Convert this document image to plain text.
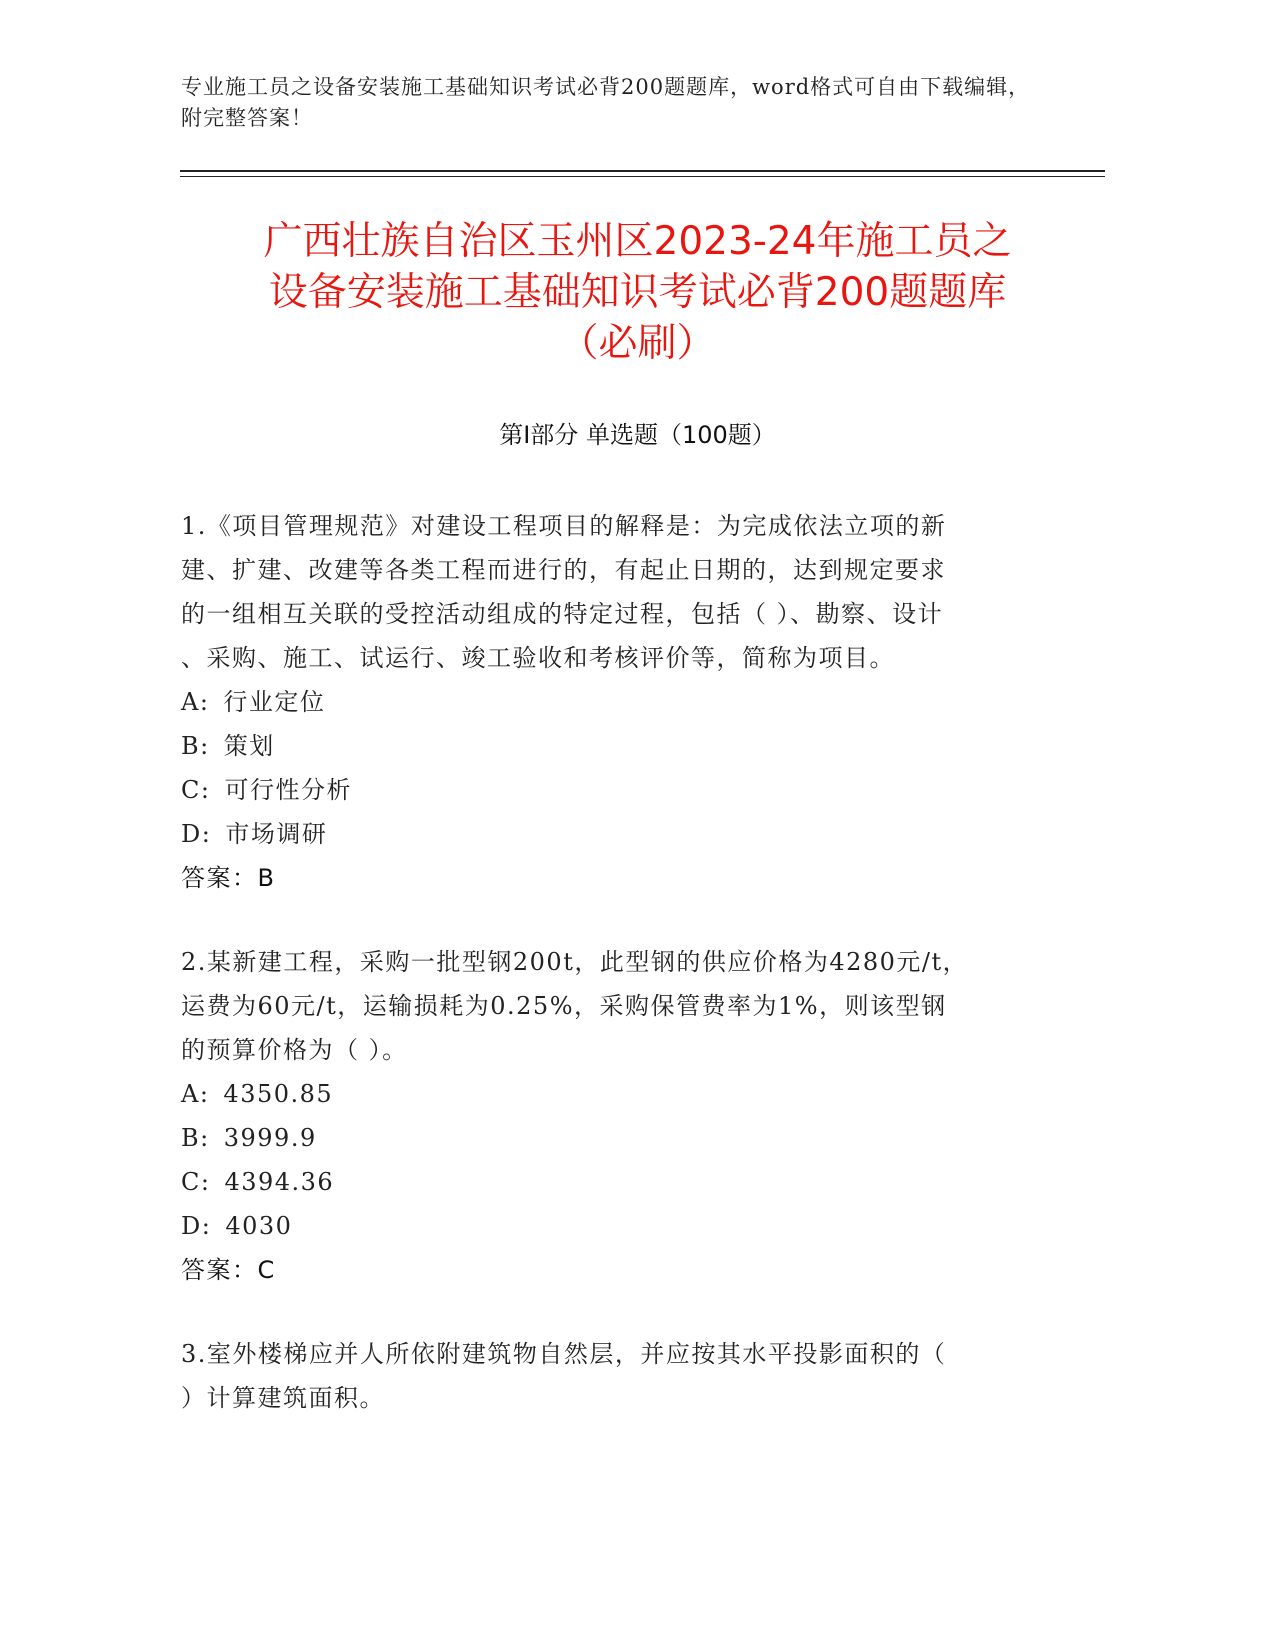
专业施工员之设备安装施工基础知识考试必背200题题库，word格式可自由下载编辑，附完整答案！
广西壮族自治区玉州区2023-24年施工员之
设备安装施工基础知识考试必背200题题库
（必刷）
第Ⅰ部分 单选题（100题）
1.《项目管理规范》对建设工程项目的解释是：为完成依法立项的新
建、扩建、改建等各类工程而进行的，有起止日期的，达到规定要求
的一组相互关联的受控活动组成的特定过程，包括（ ）、勘察、设计
、采购、施工、试运行、竣工验收和考核评价等，简称为项目。
A: 行业定位
B: 策划
C: 可行性分析
D: 市场调研
答案：B
2.某新建工程，采购一批型钢200t，此型钢的供应价格为4280元/t，
运费为60元/t，运输损耗为0.25%，采购保管费率为1%，则该型钢
的预算价格为（ ）。
A: 4350.85
B: 3999.9
C: 4394.36
D: 4030
答案：C
3.室外楼梯应并人所依附建筑物自然层，并应按其水平投影面积的（
）计算建筑面积。
